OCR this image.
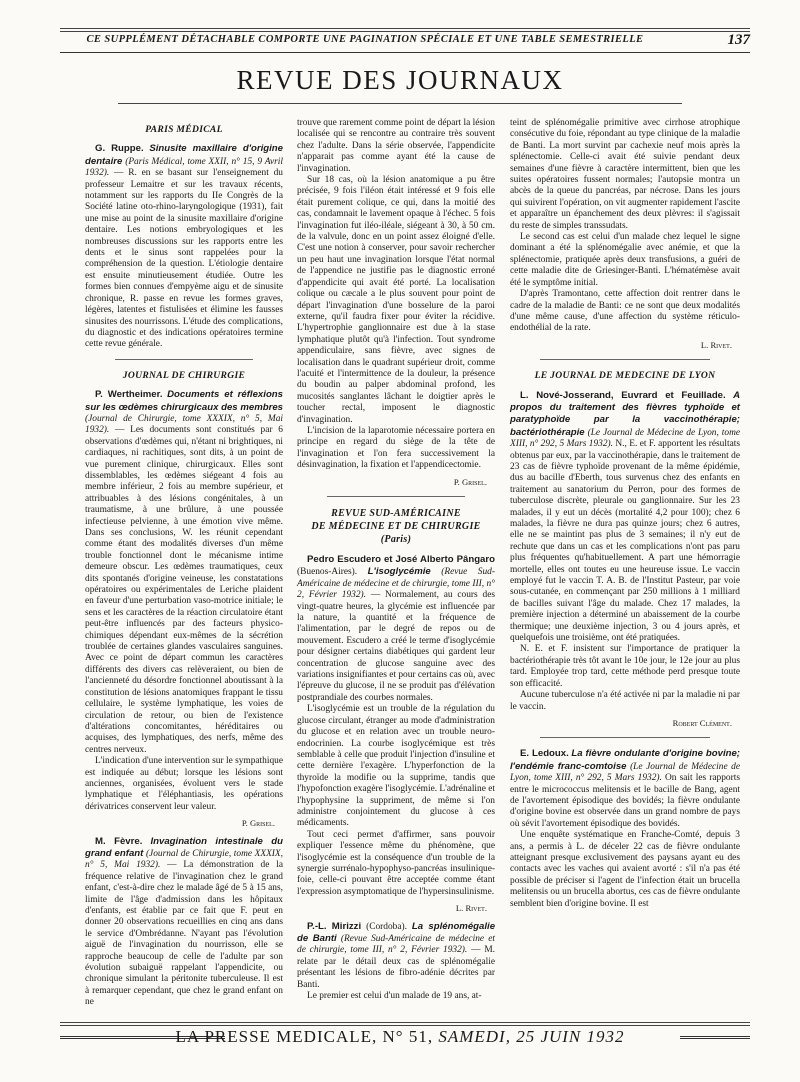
CE SUPPLÉMENT DÉTACHABLE COMPORTE UNE PAGINATION SPÉCIALE ET UNE TABLE SEMESTRIELLE	137
REVUE DES JOURNAUX
PARIS MÉDICAL

G. Ruppe. Sinusite maxillaire d'origine dentaire (Paris Médical, tome XXII, n° 15, 9 Avril 1932). — R. en se basant sur l'enseignement du professeur Lemaitre et sur les travaux récents, notamment sur les rapports du IIe Congrès de la Société latine oto-rhino-laryngologique (1931), fait une mise au point de la sinusite maxillaire d'origine dentaire. Les notions embryologiques et les nombreuses discussions sur les rapports entre les dents et le sinus sont rappelées pour la compréhension de la question. L'étiologie dentaire est ensuite minutieusement étudiée. Outre les formes bien connues d'empyème aigu et de sinusite chronique, R. passe en revue les formes graves, légères, latentes et fistulisées et élimine les fausses sinusites des nourrissons. L'étude des complications, du diagnostic et des indications opératoires termine cette revue générale.

JOURNAL DE CHIRURGIE

P. Wertheimer. Documents et réflexions sur les œdèmes chirurgicaux des membres (Journal de Chirurgie, tome XXXIX, n° 5, Mai 1932). — Les documents sont constitués par 6 observations d'œdèmes qui, n'étant ni brightiques, ni cardiaques, ni rachitiques, sont dits, à un point de vue purement clinique, chirurgicaux. Elles sont dissemblables, les œdèmes siégeant 4 fois au membre inférieur, 2 fois au membre supérieur, et attribuables à des lésions congénitales, à un traumatisme, à une brûlure, à une poussée infectieuse pelvienne, à une émotion vive même. Dans ses conclusions, W. les réunit cependant comme étant des modalités diverses d'un même trouble fonctionnel dont le mécanisme intime demeure obscur. Les œdèmes traumatiques, ceux dits spontanés d'origine veineuse, les constatations opératoires ou expérimentales de Leriche plaident en faveur d'une perturbation vaso-motrice initiale; le sens et les caractères de la réaction circulatoire étant peut-être influencés par des facteurs physico-chimiques dépendant eux-mêmes de la sécrétion troublée de certaines glandes vasculaires sanguines. Avec ce point de départ commun les caractères différents des divers cas relèveraient, ou bien de l'ancienneté du désordre fonctionnel aboutissant à la constitution de lésions anatomiques frappant le tissu cellulaire, le système lymphatique, les voies de circulation de retour, ou bien de l'existence d'altérations concomitantes, héréditaires ou acquises, des lymphatiques, des nerfs, même des centres nerveux.

L'indication d'une intervention sur le sympathique est indiquée au début; lorsque les lésions sont anciennes, organisées, évoluent vers le stade lymphatique et l'éléphantiasis, les opérations dérivatrices conservent leur valeur.

P. Grisel.

M. Fèvre. Invagination intestinale du grand enfant (Journal de Chirurgie, tome XXXIX, n° 5, Mai 1932). — La démonstration de la fréquence relative de l'invagination chez le grand enfant, c'est-à-dire chez le malade âgé de 5 à 15 ans, limite de l'âge d'admission dans les hôpitaux d'enfants, est établie par ce fait que F. peut en donner 20 observations recueillies en cinq ans dans le service d'Ombrédanne. N'ayant pas l'évolution aiguë de l'invagination du nourrisson, elle se rapproche beaucoup de celle de l'adulte par son évolution subaiguë rappelant l'appendicite, ou chronique simulant la péritonite tuberculeuse. Il est à remarquer cependant, que chez le grand enfant on ne

trouve que rarement comme point de départ la lésion localisée qui se rencontre au contraire très souvent chez l'adulte. Dans la série observée, l'appendicite n'apparait pas comme ayant été la cause de l'invagination.

Sur 18 cas, où la lésion anatomique a pu être précisée, 9 fois l'iléon était intéressé et 9 fois elle était purement colique, ce qui, dans la moitié des cas, condamnait le lavement opaque à l'échec. 5 fois l'invagination fut iléo-iléale, siégeant à 30, à 50 cm. de la valvule, donc en un point assez éloigné d'elle. C'est une notion à conserver, pour savoir rechercher un peu haut une invagination lorsque l'état normal de l'appendice ne justifie pas le diagnostic erroné d'appendicite qui avait été porté. La localisation colique ou cæcale a le plus souvent pour point de départ l'invagination d'une bosselure de la paroi externe, qu'il faudra fixer pour éviter la récidive. L'hypertrophie ganglionnaire est due à la stase lymphatique plutôt qu'à l'infection. Tout syndrome appendiculaire, sans fièvre, avec signes de localisation dans le quadrant supérieur droit, comme l'acuité et l'intermittence de la douleur, la présence du boudin au palper abdominal profond, les mucosités sanglantes lâchant le doigtier après le toucher rectal, imposent le diagnostic d'invagination.

L'incision de la laparotomie nécessaire portera en principe en regard du siège de la tête de l'invagination et l'on fera successivement la désinvagination, la fixation et l'appendicectomie.

P. Grisel.
REVUE SUD-AMÉRICAINE
DE MÉDECINE ET DE CHIRURGIE
(Paris)

Pedro Escudero et José Alberto Pângaro (Buenos-Aires). L'isoglycémie (Revue Sud-Américaine de médecine et de chirurgie, tome III, n° 2, Février 1932). — Normalement, au cours des vingt-quatre heures, la glycémie est influencée par la nature, la quantité et la fréquence de l'alimentation, par le degré de repos ou de mouvement. Escudero a créé le terme d'isoglycémie pour désigner certains diabétiques qui gardent leur concentration de glucose sanguine avec des variations insignifiantes et pour certains cas où, avec l'épreuve du glucose, il ne se produit pas d'élévation postprandiale des courbes normales.

L'isoglycémie est un trouble de la régulation du glucose circulant, étranger au mode d'administration du glucose et en relation avec un trouble neuro-endocrinien. La courbe isoglycémique est très semblable à celle que produit l'injection d'insuline et cette dernière l'exagère. L'hyperfonction de la thyroïde la modifie ou la supprime, tandis que l'hypofonction exagère l'isoglycémie. L'adrénaline et l'hypophysine la suppriment, de même si l'on administre conjointement du glucose à ces médicaments.

Tout ceci permet d'affirmer, sans pouvoir expliquer l'essence même du phénomène, que l'isoglycémie est la conséquence d'un trouble de la synergie surrénalo-hypophyso-pancréas insulinique-foie, celle-ci pouvant être acceptée comme étant l'expression asymptomatique de l'hypersinsulinisme.

L. Rivet.

P.-L. Mirizzi (Cordoba). La splénomégalie de Banti (Revue Sud-Américaine de médecine et de chirurgie, tome III, n° 2, Février 1932). — M. relate par le détail deux cas de splénomégalie présentant les lésions de fibro-adénie décrites par Banti.

Le premier est celui d'un malade de 19 ans, at-

teint de splénomégalie primitive avec cirrhose atrophique consécutive du foie, répondant au type clinique de la maladie de Banti. La mort survint par cachexie neuf mois après la splénectomie. Celle-ci avait été suivie pendant deux semaines d'une fièvre à caractère intermittent, bien que les suites opératoires fussent normales; l'autopsie montra un abcès de la queue du pancréas, par nécrose. Dans les jours qui suivirent l'opération, on vit augmenter rapidement l'ascite et apparaître un épanchement des deux plèvres: il s'agissait du reste de simples transsudats.

Le second cas est celui d'un malade chez lequel le signe dominant a été la splénomégalie avec anémie, et que la splénectomie, pratiquée après deux transfusions, a guéri de cette maladie dite de Griesinger-Banti. L'hématémèse avait été le symptôme initial.

D'après Tramontano, cette affection doit rentrer dans le cadre de la maladie de Banti: ce ne sont que deux modalités d'une même cause, d'une affection du système réticulo-endothélial de la rate.

L. Rivet.
LE JOURNAL DE MEDECINE DE LYON

L. Nové-Josserand, Euvrard et Feuillade. A propos du traitement des fièvres typhoïde et paratyphoïde par la vaccinothérapie; bactériothérapie (Le Journal de Médecine de Lyon, tome XIII, n° 292, 5 Mars 1932). N., E. et F. apportent les résultats obtenus par eux, par la vaccinothérapie, dans le traitement de 23 cas de fièvre typhoïde provenant de la même épidémie, dus au bacille d'Eberth, tous survenus chez des enfants en traitement au sanatorium du Perron, pour des formes de tuberculose discrète, pleurale ou ganglionnaire. Sur les 23 malades, il y eut un décès (mortalité 4,2 pour 100); chez 6 malades, la fièvre ne dura pas quinze jours; chez 6 autres, elle ne se maintint pas plus de 3 semaines; il n'y eut de rechute que dans un cas et les complications n'ont pas paru plus fréquentes qu'habituellement. A part une hémorragie mortelle, elles ont toutes eu une heureuse issue. Le vaccin employé fut le vaccin T. A. B. de l'Institut Pasteur, par voie sous-cutanée, en commençant par 250 millions à 1 milliard de bacilles suivant l'âge du malade. Chez 17 malades, la première injection a déterminé un abaissement de la courbe thermique; une deuxième injection, 3 ou 4 jours après, et quelquefois une troisième, ont été pratiquées.

N. E. et F. insistent sur l'importance de pratiquer la bactériothérapie très tôt avant le 10e jour, le 12e jour au plus tard. Employée trop tard, cette méthode perd presque toute son efficacité.

Aucune tuberculose n'a été activée ni par la maladie ni par le vaccin.

Robert Clément.

E. Ledoux. La fièvre ondulante d'origine bovine; l'endémie franc-comtoise (Le Journal de Médecine de Lyon, tome XIII, n° 292, 5 Mars 1932). On sait les rapports entre le micrococcus melitensis et le bacille de Bang, agent de l'avortement épisodique des bovidés; la fièvre ondulante d'origine bovine est observée dans un grand nombre de pays où sévit l'avortement épisodique des bovidés.

Une enquête systématique en Franche-Comté, depuis 3 ans, a permis à L. de déceler 22 cas de fièvre ondulante atteignant presque exclusivement des paysans ayant eu des contacts avec les vaches qui avaient avorté : s'il n'a pas été possible de préciser si l'agent de l'infection était un brucella melitensis ou un brucella abortus, ces cas de fièvre ondulante semblent bien d'origine bovine. Il est

LA PRESSE MEDICALE, N° 51, SAMEDI, 25 JUIN 1932
